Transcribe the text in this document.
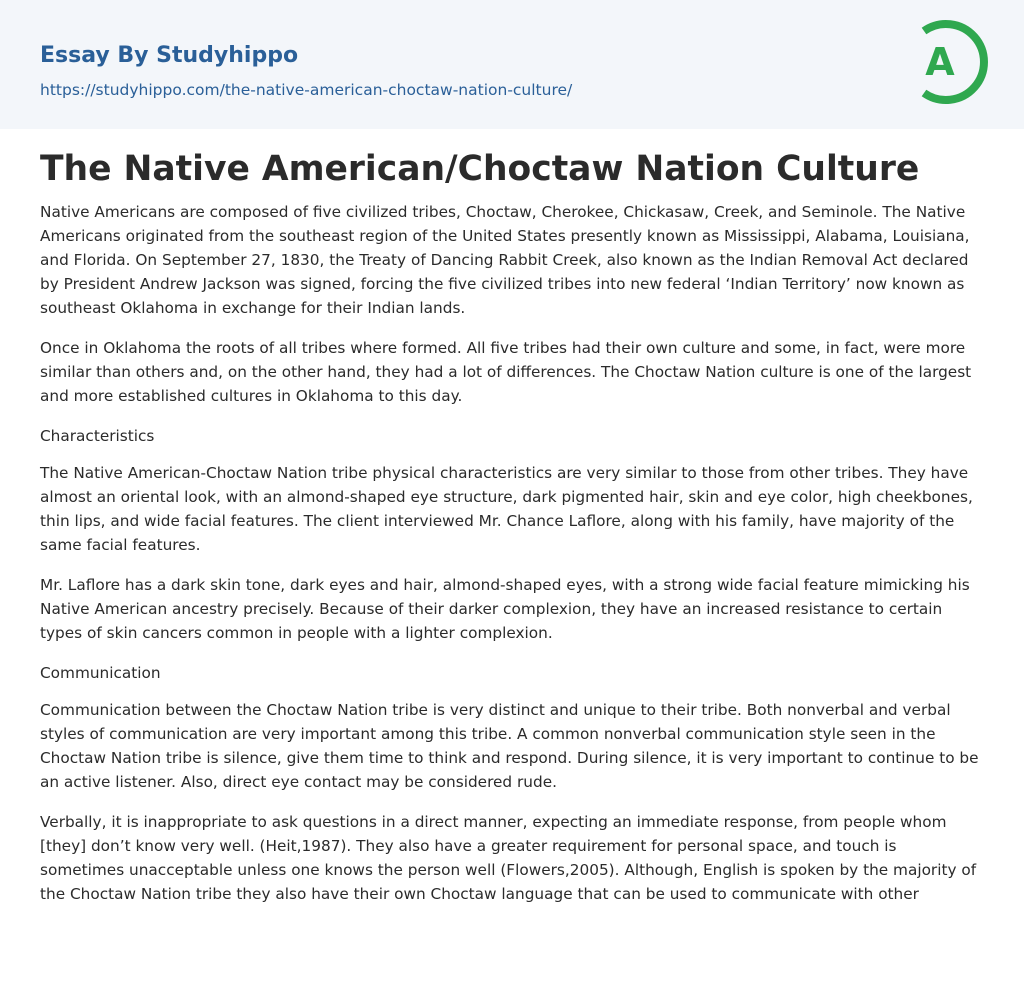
Essay By Studyhippo
https://studyhippo.com/the-native-american-choctaw-nation-culture/
A
The Native American/Choctaw Nation Culture

Native Americans are composed of five civilized tribes, Choctaw, Cherokee, Chickasaw, Creek, and Seminole. The Native Americans originated from the southeast region of the United States presently known as Mississippi, Alabama, Louisiana, and Florida. On September 27, 1830, the Treaty of Dancing Rabbit Creek, also known as the Indian Removal Act declared by President Andrew Jackson was signed, forcing the five civilized tribes into new federal ‘Indian Territory’ now known as southeast Oklahoma in exchange for their Indian lands.

Once in Oklahoma the roots of all tribes where formed. All five tribes had their own culture and some, in fact, were more similar than others and, on the other hand, they had a lot of differences. The Choctaw Nation culture is one of the largest and more established cultures in Oklahoma to this day.

Characteristics

The Native American-Choctaw Nation tribe physical characteristics are very similar to those from other tribes. They have almost an oriental look, with an almond-shaped eye structure, dark pigmented hair, skin and eye color, high cheekbones, thin lips, and wide facial features. The client interviewed Mr. Chance Laflore, along with his family, have majority of the same facial features.

Mr. Laflore has a dark skin tone, dark eyes and hair, almond-shaped eyes, with a strong wide facial feature mimicking his Native American ancestry precisely. Because of their darker complexion, they have an increased resistance to certain types of skin cancers common in people with a lighter complexion.

Communication

Communication between the Choctaw Nation tribe is very distinct and unique to their tribe. Both nonverbal and verbal styles of communication are very important among this tribe. A common nonverbal communication style seen in the Choctaw Nation tribe is silence, give them time to think and respond. During silence, it is very important to continue to be an active listener. Also, direct eye contact may be considered rude.

Verbally, it is inappropriate to ask questions in a direct manner, expecting an immediate response, from people whom [they] don’t know very well. (Heit,1987). They also have a greater requirement for personal space, and touch is sometimes unacceptable unless one knows the person well (Flowers,2005). Although, English is spoken by the majority of the Choctaw Nation tribe they also have their own Choctaw language that can be used to communicate with other
